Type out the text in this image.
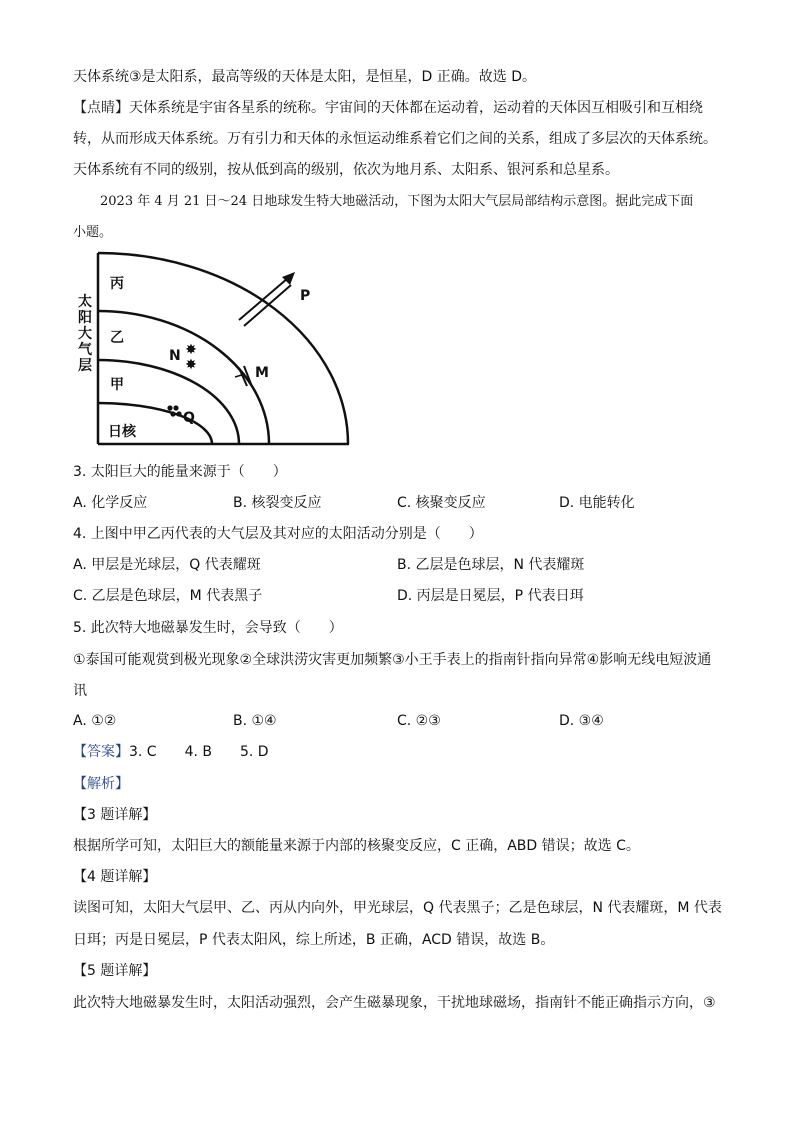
天体系统③是太阳系，最高等级的天体是太阳，是恒星，D 正确。故选 D。
【点睛】天体系统是宇宙各星系的统称。宇宙间的天体都在运动着，运动着的天体因互相吸引和互相绕
转，从而形成天体系统。万有引力和天体的永恒运动维系着它们之间的关系，组成了多层次的天体系统。
天体系统有不同的级别，按从低到高的级别，依次为地月系、太阳系、银河系和总星系。
2023 年 4 月 21 日～24 日地球发生特大地磁活动，下图为太阳大气层局部结构示意图。据此完成下面
小题。
太
阳
大
气
层
丙
乙
甲
日核
P
M
N ✸
✸
Q
3. 太阳巨大的能量来源于（　　）
A. 化学反应	B. 核裂变反应	C. 核聚变反应	D. 电能转化
4. 上图中甲乙丙代表的大气层及其对应的太阳活动分别是（　　）
A. 甲层是光球层，Q 代表耀斑	B. 乙层是色球层，N 代表耀斑
C. 乙层是色球层，M 代表黑子	D. 丙层是日冕层，P 代表日珥
5. 此次特大地磁暴发生时，会导致（　　）
①泰国可能观赏到极光现象②全球洪涝灾害更加频繁③小王手表上的指南针指向异常④影响无线电短波通
讯
A. ①②	B. ①④	C. ②③	D. ③④
【答案】3. C　　4. B　　5. D
【解析】
【3 题详解】
根据所学可知，太阳巨大的额能量来源于内部的核聚变反应，C 正确，ABD 错误；故选 C。
【4 题详解】
读图可知，太阳大气层甲、乙、丙从内向外，甲光球层，Q 代表黑子；乙是色球层，N 代表耀斑，M 代表
日珥；丙是日冕层，P 代表太阳风，综上所述，B 正确，ACD 错误，故选 B。
【5 题详解】
此次特大地磁暴发生时，太阳活动强烈，会产生磁暴现象，干扰地球磁场，指南针不能正确指示方向，③
